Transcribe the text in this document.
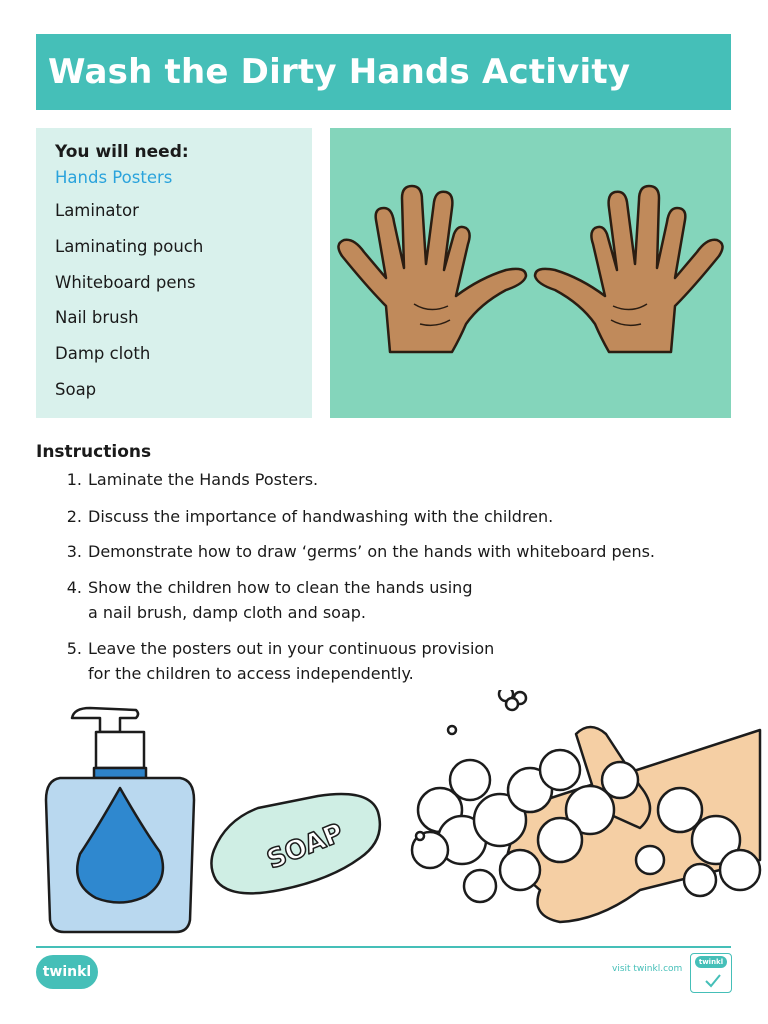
Wash the Dirty Hands Activity

You will need:

Hands Posters
Laminator
Laminating pouch
Whiteboard pens
Nail brush
Damp cloth
Soap

Instructions

1. Laminate the Hands Posters.
2. Discuss the importance of handwashing with the children.
3. Demonstrate how to draw ‘germs’ on the hands with whiteboard pens.
4. Show the children how to clean the hands using
a nail brush, damp cloth and soap.
5. Leave the posters out in your continuous provision
for the children to access independently.
SOAP
twinkl	visit twinkl.com
twinkl
